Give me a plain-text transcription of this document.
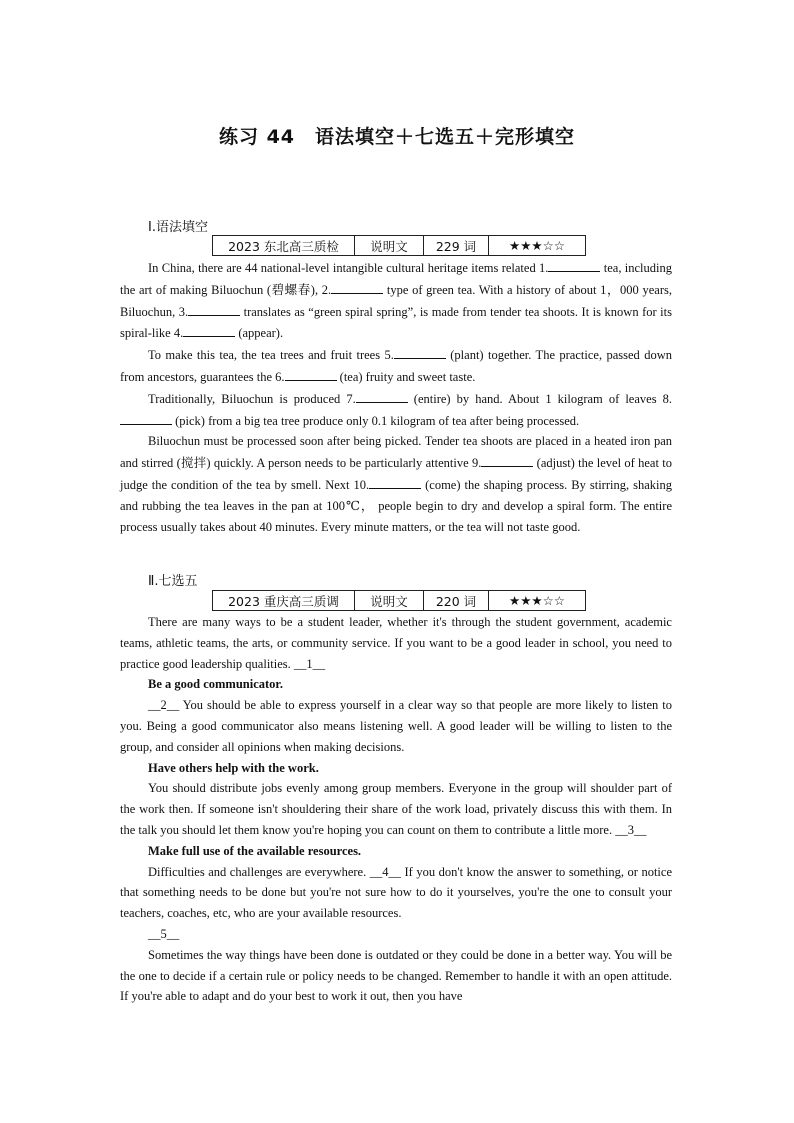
练习 44　语法填空＋七选五＋完形填空
Ⅰ.语法填空
2023 东北高三质检	说明文	229 词	★★★☆☆

In China, there are 44 national-level intangible cultural heritage items related 1.	tea, including the art of making Biluochun (碧螺春), 2.	type of green tea. With a history of about 1，000 years, Biluochun, 3.	translates as “green spiral spring”, is made from tender tea shoots. It is known for its spiral-like 4.	(appear).

To make this tea, the tea trees and fruit trees 5.	(plant) together. The practice, passed down from ancestors, guarantees the 6.	(tea) fruity and sweet taste.

Traditionally, Biluochun is produced 7.	(entire) by hand. About 1 kilogram of leaves 8. (pick) from a big tea tree produce only 0.1 kilogram of tea after being processed.

Biluochun must be processed soon after being picked. Tender tea shoots are placed in a heated iron pan and stirred (搅拌) quickly. A person needs to be particularly attentive 9.	(adjust) the level of heat to judge the condition of the tea by smell. Next 10.	(come) the shaping process. By stirring, shaking and rubbing the tea leaves in the pan at 100℃， people begin to dry and develop a spiral form. The entire process usually takes about 40 minutes. Every minute matters, or the tea will not taste good.

Ⅱ.七选五
2023 重庆高三质调	说明文	220 词	★★★☆☆

There are many ways to be a student leader, whether it's through the student government, academic teams, athletic teams, the arts, or community service. If you want to be a good leader in school, you need to practice good leadership qualities. __1__

Be a good communicator.

__2__ You should be able to express yourself in a clear way so that people are more likely to listen to you. Being a good communicator also means listening well. A good leader will be willing to listen to the group, and consider all opinions when making decisions.

Have others help with the work.

You should distribute jobs evenly among group members. Everyone in the group will shoulder part of the work then. If someone isn't shouldering their share of the work load, privately discuss this with them. In the talk you should let them know you're hoping you can count on them to contribute a little more. __3__

Make full use of the available resources.

Difficulties and challenges are everywhere. __4__ If you don't know the answer to something, or notice that something needs to be done but you're not sure how to do it yourselves, you're the one to consult your teachers, coaches, etc, who are your available resources.

__5__

Sometimes the way things have been done is outdated or they could be done in a better way. You will be the one to decide if a certain rule or policy needs to be changed. Remember to handle it with an open attitude. If you're able to adapt and do your best to work it out, then you have
